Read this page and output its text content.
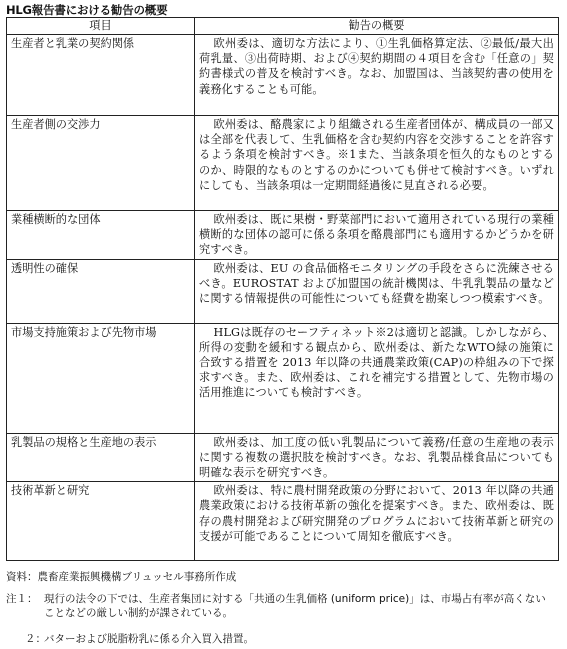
HLG報告書における勧告の概要
項目	勧告の概要
生産者と乳業の契約関係	欧州委は、適切な方法により、①生乳価格算定法、②最低/最大出荷乳量、③出荷時期、および④契約期間の４項目を含む「任意の」契約書様式の普及を検討すべき。なお、加盟国は、当該契約書の使用を義務化することも可能。
生産者側の交渉力	欧州委は、酪農家により組織される生産者団体が、構成員の一部又は全部を代表して、生乳価格を含む契約内容を交渉することを許容するよう条項を検討すべき。※1また、当該条項を恒久的なものとするのか、時限的なものとするのかについても併せて検討すべき。いずれにしても、当該条項は一定期間経過後に見直される必要。
業種横断的な団体	欧州委は、既に果樹・野菜部門において適用されている現行の業種横断的な団体の認可に係る条項を酪農部門にも適用するかどうかを研究すべき。
透明性の確保	欧州委は、EU の食品価格モニタリングの手段をさらに洗練させるべき。EUROSTAT および加盟国の統計機関は、牛乳乳製品の量などに関する情報提供の可能性についても経費を勘案しつつ模索すべき。
市場支持施策および先物市場	HLGは既存のセーフティネット※2は適切と認識。しかしながら、所得の変動を緩和する観点から、欧州委は、新たなWTO緑の施策に合致する措置を 2013 年以降の共通農業政策(CAP)の枠組みの下で探求すべき。また、欧州委は、これを補完する措置として、先物市場の活用推進についても検討すべき。
乳製品の規格と生産地の表示	欧州委は、加工度の低い乳製品について義務/任意の生産地の表示に関する複数の選択肢を検討すべき。なお、乳製品様食品についても明確な表示を研究すべき。
技術革新と研究	欧州委は、特に農村開発政策の分野において、2013 年以降の共通農業政策における技術革新の強化を提案すべき。また、欧州委は、既存の農村開発および研究開発のプログラムにおいて技術革新と研究の支援が可能であることについて周知を徹底すべき。
資料：農畜産業振興機構ブリュッセル事務所作成
注１： 現行の法令の下では、生産者集団に対する「共通の生乳価格 (uniform price)」は、市場占有率が高くないことなどの厳しい制約が課されている。
２：
バターおよび脱脂粉乳に係る介入買入措置。
